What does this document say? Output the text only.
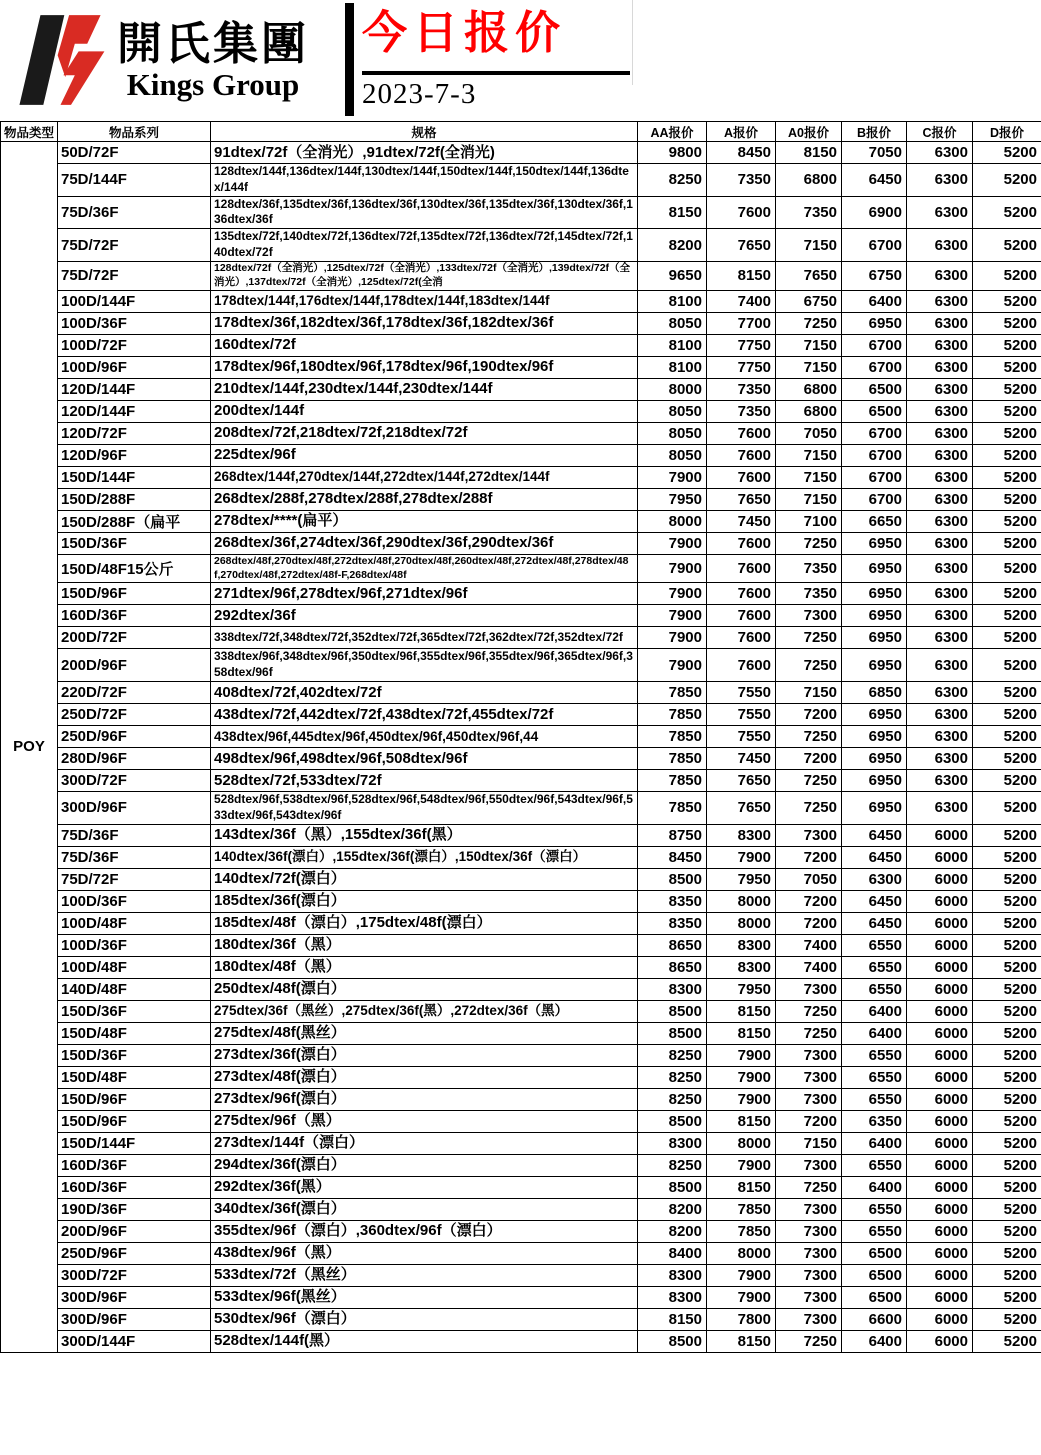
開氏集團
Kings Group
今日报价
2023-7-3
物品类型	物品系列	规格	AA报价	A报价	A0报价	B报价	C报价	D报价
POY	50D/72F	91dtex/72f（全消光）,91dtex/72f(全消光)	9800	8450	8150	7050	6300	5200
	75D/144F	128dtex/144f,136dtex/144f,130dtex/144f,150dtex/144f,150dtex/144f,136dtex/144f	8250	7350	6800	6450	6300	5200
	75D/36F	128dtex/36f,135dtex/36f,136dtex/36f,130dtex/36f,135dtex/36f,130dtex/36f,136dtex/36f	8150	7600	7350	6900	6300	5200
	75D/72F	135dtex/72f,140dtex/72f,136dtex/72f,135dtex/72f,136dtex/72f,145dtex/72f,140dtex/72f	8200	7650	7150	6700	6300	5200
	75D/72F	128dtex/72f（全消光）,125dtex/72f（全消光）,133dtex/72f（全消光）,139dtex/72f（全消光）,137dtex/72f（全消光）,125dtex/72f(全消	9650	8150	7650	6750	6300	5200
	100D/144F	178dtex/144f,176dtex/144f,178dtex/144f,183dtex/144f	8100	7400	6750	6400	6300	5200
	100D/36F	178dtex/36f,182dtex/36f,178dtex/36f,182dtex/36f	8050	7700	7250	6950	6300	5200
	100D/72F	160dtex/72f	8100	7750	7150	6700	6300	5200
	100D/96F	178dtex/96f,180dtex/96f,178dtex/96f,190dtex/96f	8100	7750	7150	6700	6300	5200
	120D/144F	210dtex/144f,230dtex/144f,230dtex/144f	8000	7350	6800	6500	6300	5200
	120D/144F	200dtex/144f	8050	7350	6800	6500	6300	5200
	120D/72F	208dtex/72f,218dtex/72f,218dtex/72f	8050	7600	7050	6700	6300	5200
	120D/96F	225dtex/96f	8050	7600	7150	6700	6300	5200
	150D/144F	268dtex/144f,270dtex/144f,272dtex/144f,272dtex/144f	7900	7600	7150	6700	6300	5200
	150D/288F	268dtex/288f,278dtex/288f,278dtex/288f	7950	7650	7150	6700	6300	5200
	150D/288F（扁平	278dtex/****(扁平）	8000	7450	7100	6650	6300	5200
	150D/36F	268dtex/36f,274dtex/36f,290dtex/36f,290dtex/36f	7900	7600	7250	6950	6300	5200
	150D/48F15公斤	268dtex/48f,270dtex/48f,272dtex/48f,270dtex/48f,260dtex/48f,272dtex/48f,278dtex/48f,270dtex/48f,272dtex/48f-F,268dtex/48f	7900	7600	7350	6950	6300	5200
	150D/96F	271dtex/96f,278dtex/96f,271dtex/96f	7900	7600	7350	6950	6300	5200
	160D/36F	292dtex/36f	7900	7600	7300	6950	6300	5200
	200D/72F	338dtex/72f,348dtex/72f,352dtex/72f,365dtex/72f,362dtex/72f,352dtex/72f	7900	7600	7250	6950	6300	5200
	200D/96F	338dtex/96f,348dtex/96f,350dtex/96f,355dtex/96f,355dtex/96f,365dtex/96f,358dtex/96f	7900	7600	7250	6950	6300	5200
	220D/72F	408dtex/72f,402dtex/72f	7850	7550	7150	6850	6300	5200
	250D/72F	438dtex/72f,442dtex/72f,438dtex/72f,455dtex/72f	7850	7550	7200	6950	6300	5200
	250D/96F	438dtex/96f,445dtex/96f,450dtex/96f,450dtex/96f,44	7850	7550	7250	6950	6300	5200
	280D/96F	498dtex/96f,498dtex/96f,508dtex/96f	7850	7450	7200	6950	6300	5200
	300D/72F	528dtex/72f,533dtex/72f	7850	7650	7250	6950	6300	5200
	300D/96F	528dtex/96f,538dtex/96f,528dtex/96f,548dtex/96f,550dtex/96f,543dtex/96f,533dtex/96f,543dtex/96f	7850	7650	7250	6950	6300	5200
	75D/36F	143dtex/36f（黑）,155dtex/36f(黑）	8750	8300	7300	6450	6000	5200
	75D/36F	140dtex/36f(漂白）,155dtex/36f(漂白）,150dtex/36f（漂白）	8450	7900	7200	6450	6000	5200
	75D/72F	140dtex/72f(漂白）	8500	7950	7050	6300	6000	5200
	100D/36F	185dtex/36f(漂白）	8350	8000	7200	6450	6000	5200
	100D/48F	185dtex/48f（漂白）,175dtex/48f(漂白）	8350	8000	7200	6450	6000	5200
	100D/36F	180dtex/36f（黑）	8650	8300	7400	6550	6000	5200
	100D/48F	180dtex/48f（黑）	8650	8300	7400	6550	6000	5200
	140D/48F	250dtex/48f(漂白）	8300	7950	7300	6550	6000	5200
	150D/36F	275dtex/36f（黑丝）,275dtex/36f(黑）,272dtex/36f（黑）	8500	8150	7250	6400	6000	5200
	150D/48F	275dtex/48f(黑丝）	8500	8150	7250	6400	6000	5200
	150D/36F	273dtex/36f(漂白）	8250	7900	7300	6550	6000	5200
	150D/48F	273dtex/48f(漂白）	8250	7900	7300	6550	6000	5200
	150D/96F	273dtex/96f(漂白）	8250	7900	7300	6550	6000	5200
	150D/96F	275dtex/96f（黑）	8500	8150	7200	6350	6000	5200
	150D/144F	273dtex/144f（漂白）	8300	8000	7150	6400	6000	5200
	160D/36F	294dtex/36f(漂白）	8250	7900	7300	6550	6000	5200
	160D/36F	292dtex/36f(黑）	8500	8150	7250	6400	6000	5200
	190D/36F	340dtex/36f(漂白）	8200	7850	7300	6550	6000	5200
	200D/96F	355dtex/96f（漂白）,360dtex/96f（漂白）	8200	7850	7300	6550	6000	5200
	250D/96F	438dtex/96f（黑）	8400	8000	7300	6500	6000	5200
	300D/72F	533dtex/72f（黑丝）	8300	7900	7300	6500	6000	5200
	300D/96F	533dtex/96f(黑丝）	8300	7900	7300	6500	6000	5200
	300D/96F	530dtex/96f（漂白）	8150	7800	7300	6600	6000	5200
	300D/144F	528dtex/144f(黑）	8500	8150	7250	6400	6000	5200
